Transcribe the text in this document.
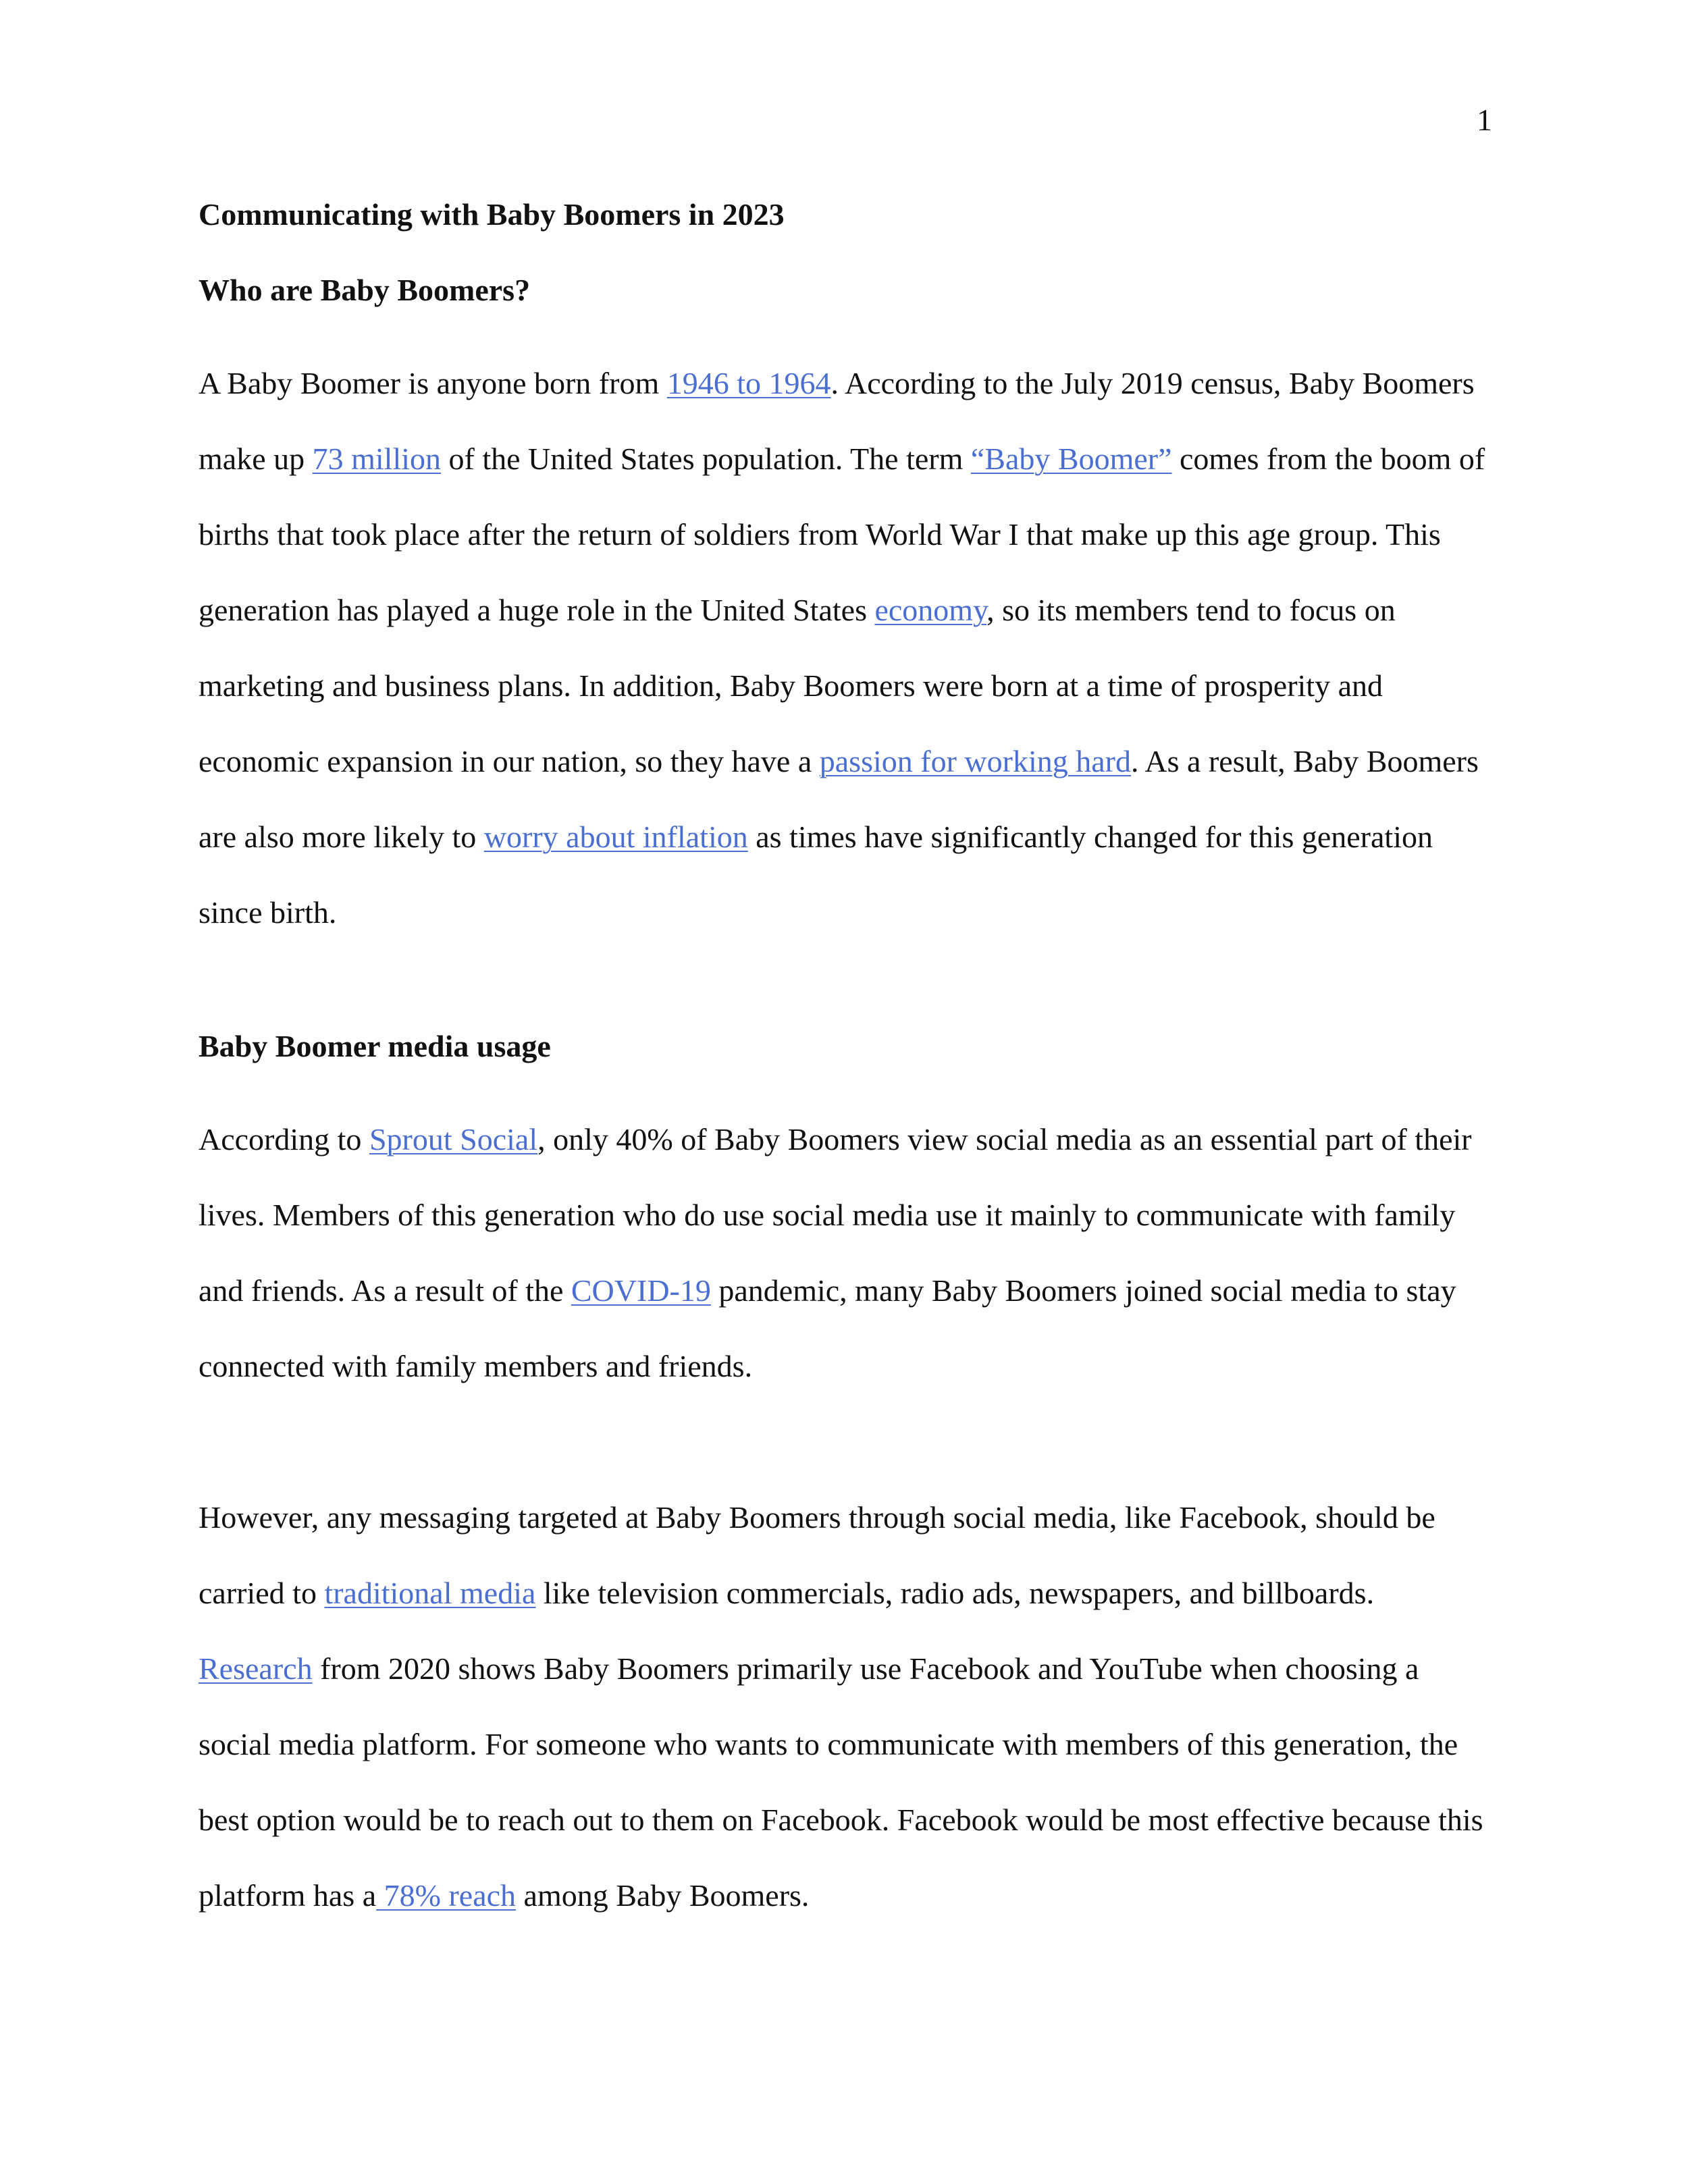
1
Communicating with Baby Boomers in 2023
Who are Baby Boomers?

A Baby Boomer is anyone born from 1946 to 1964. According to the July 2019 census, Baby Boomers make up 73 million of the United States population. The term “Baby Boomer” comes from the boom of births that took place after the return of soldiers from World War I that make up this age group. This generation has played a huge role in the United States economy, so its members tend to focus on marketing and business plans. In addition, Baby Boomers were born at a time of prosperity and economic expansion in our nation, so they have a passion for working hard. As a result, Baby Boomers are also more likely to worry about inflation as times have significantly changed for this generation since birth.

Baby Boomer media usage

According to Sprout Social, only 40% of Baby Boomers view social media as an essential part of their lives. Members of this generation who do use social media use it mainly to communicate with family and friends. As a result of the COVID-19 pandemic, many Baby Boomers joined social media to stay connected with family members and friends.

However, any messaging targeted at Baby Boomers through social media, like Facebook, should be carried to traditional media like television commercials, radio ads, newspapers, and billboards. Research from 2020 shows Baby Boomers primarily use Facebook and YouTube when choosing a social media platform. For someone who wants to communicate with members of this generation, the best option would be to reach out to them on Facebook. Facebook would be most effective because this platform has a 78% reach among Baby Boomers.
